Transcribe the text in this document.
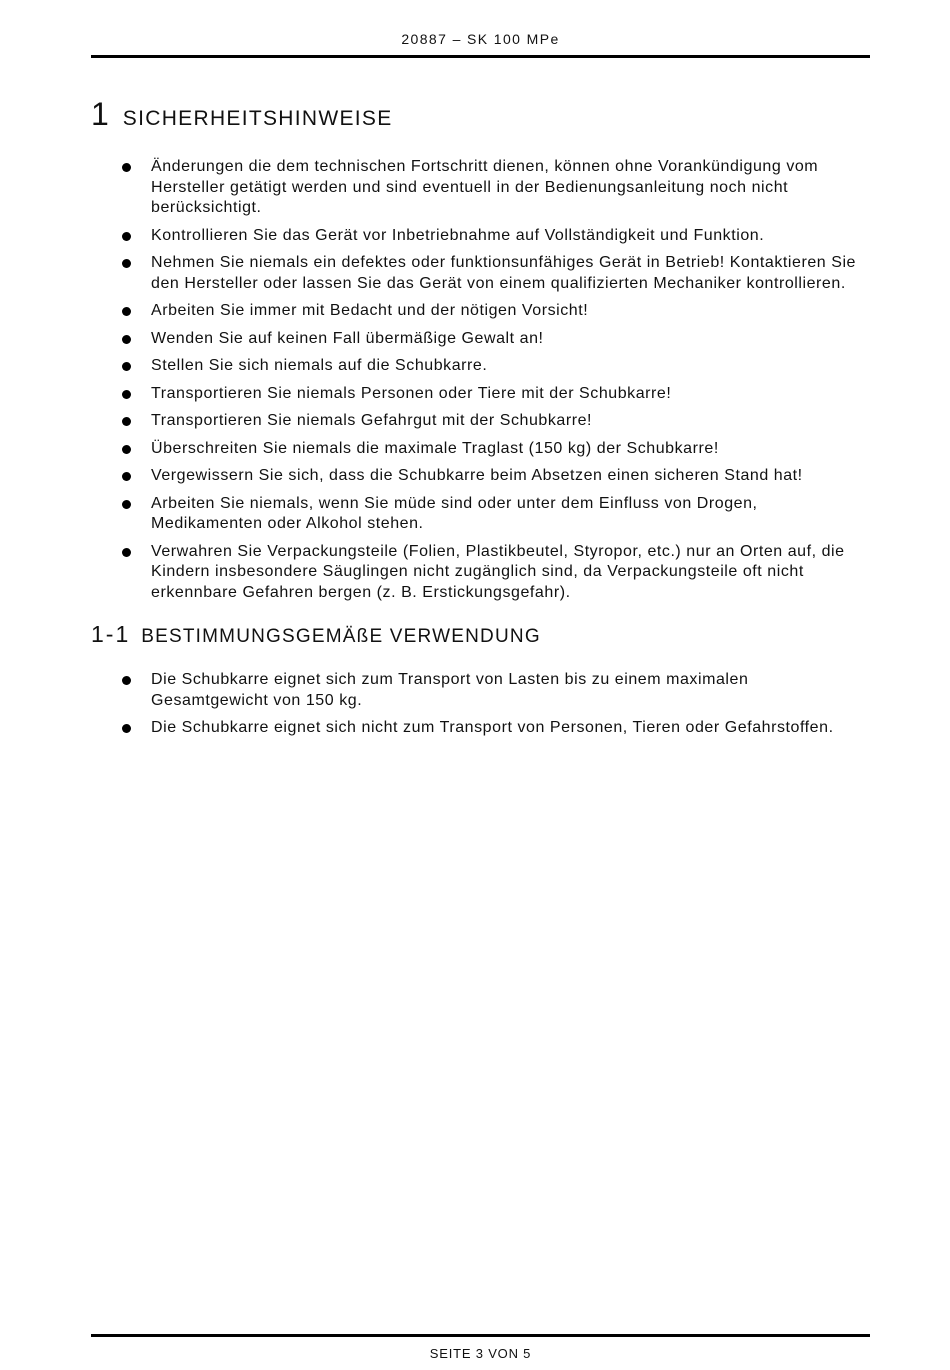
20887 – SK 100 MPe
1 SICHERHEITSHINWEISE
Änderungen die dem technischen Fortschritt dienen, können ohne Vorankündigung vom Hersteller getätigt werden und sind eventuell in der Bedienungsanleitung noch nicht berücksichtigt.
Kontrollieren Sie das Gerät vor Inbetriebnahme auf Vollständigkeit und Funktion.
Nehmen Sie niemals ein defektes oder funktionsunfähiges Gerät in Betrieb! Kontaktieren Sie den Hersteller oder lassen Sie das Gerät von einem qualifizierten Mechaniker kontrollieren.
Arbeiten Sie immer mit Bedacht und der nötigen Vorsicht!
Wenden Sie auf keinen Fall übermäßige Gewalt an!
Stellen Sie sich niemals auf die Schubkarre.
Transportieren Sie niemals Personen oder Tiere mit der Schubkarre!
Transportieren Sie niemals Gefahrgut mit der Schubkarre!
Überschreiten Sie niemals die maximale Traglast (150 kg) der Schubkarre!
Vergewissern Sie sich, dass die Schubkarre beim Absetzen einen sicheren Stand hat!
Arbeiten Sie niemals, wenn Sie müde sind oder unter dem Einfluss von Drogen, Medikamenten oder Alkohol stehen.
Verwahren Sie Verpackungsteile (Folien, Plastikbeutel, Styropor, etc.) nur an Orten auf, die Kindern insbesondere Säuglingen nicht zugänglich sind, da Verpackungsteile oft nicht erkennbare Gefahren bergen (z. B. Erstickungsgefahr).
1-1 BESTIMMUNGSGEMÄßE VERWENDUNG
Die Schubkarre eignet sich zum Transport von Lasten bis zu einem maximalen Gesamtgewicht von 150 kg.
Die Schubkarre eignet sich nicht zum Transport von Personen, Tieren oder Gefahrstoffen.
SEITE 3 VON 5
